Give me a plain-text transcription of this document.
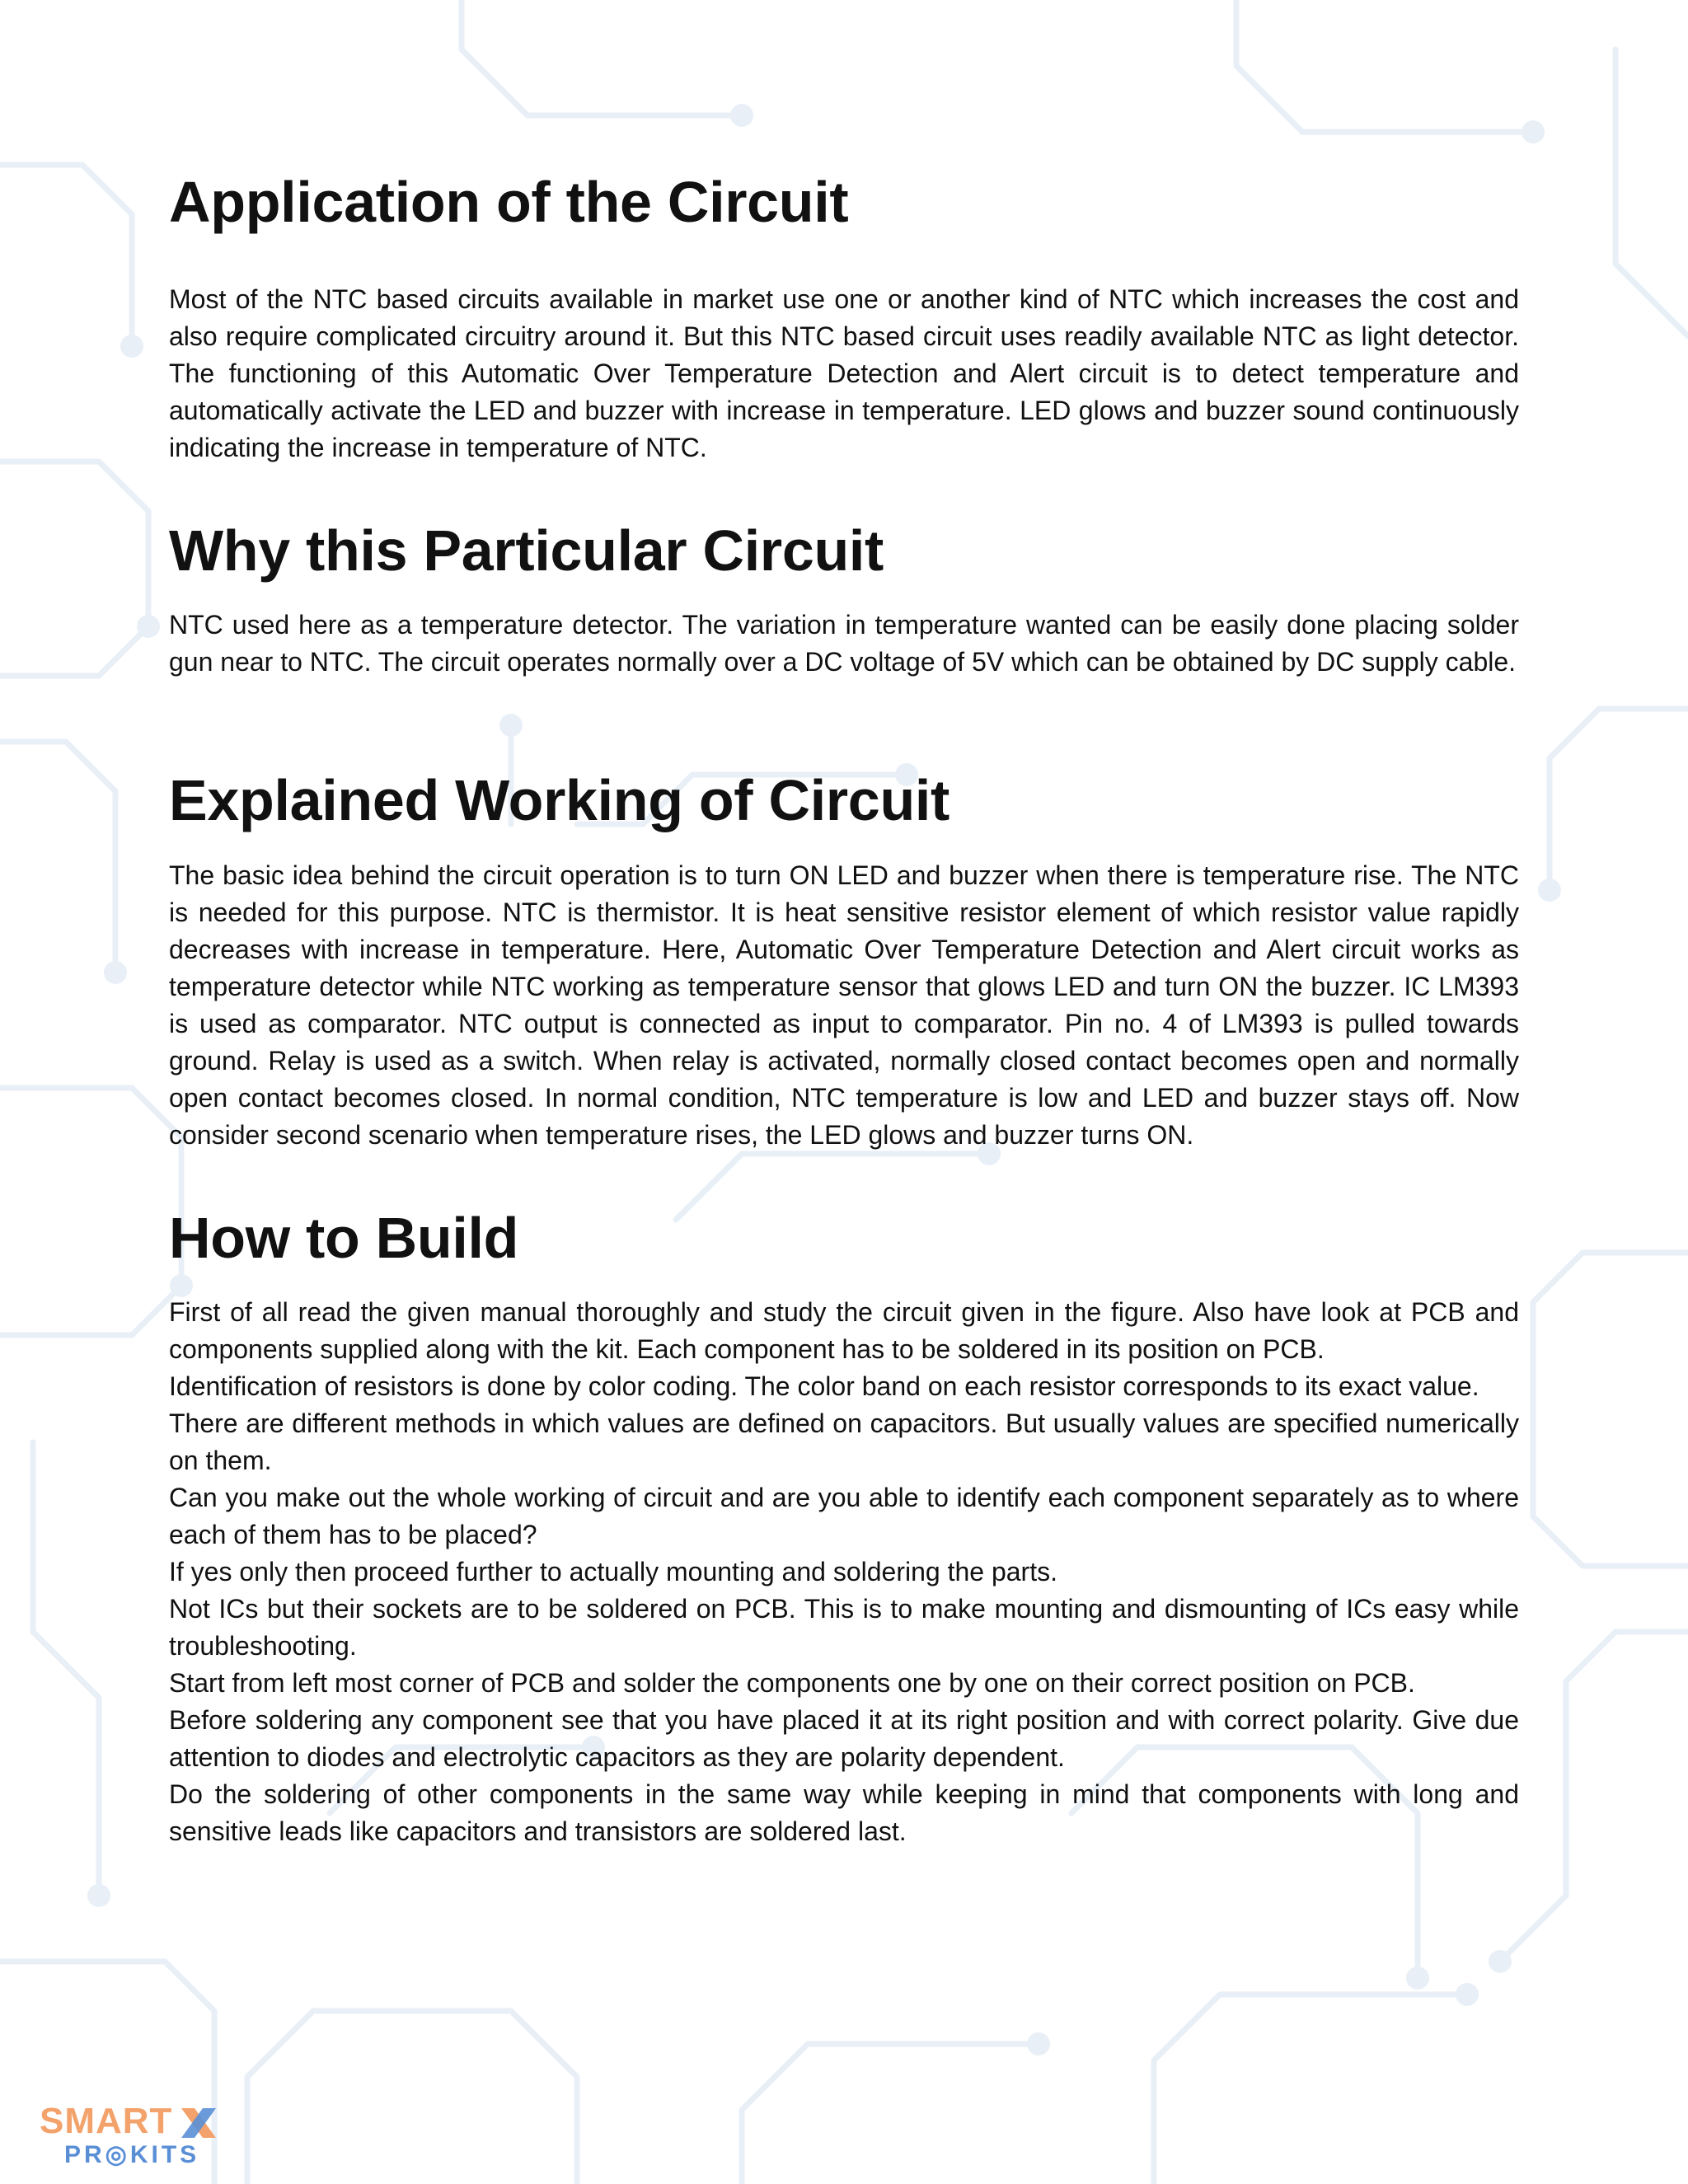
Application of the Circuit

Most of the NTC based circuits available in market use one or another kind of NTC which increases the cost and also require complicated circuitry around it. But this NTC based circuit uses readily available NTC as light detector. The functioning of this Automatic Over Temperature Detection and Alert circuit is to detect temperature and automatically activate the LED and buzzer with increase in temperature. LED glows and buzzer sound continuously indicating the increase in temperature of NTC.

Why this Particular Circuit

NTC used here as a temperature detector. The variation in temperature wanted can be easily done placing solder gun near to NTC. The circuit operates normally over a DC voltage of 5V which can be obtained by DC supply cable.

Explained Working of Circuit

The basic idea behind the circuit operation is to turn ON LED and buzzer when there is temperature rise. The NTC is needed for this purpose. NTC is thermistor. It is heat sensitive resistor element of which resistor value rapidly decreases with increase in temperature. Here, Automatic Over Temperature Detection and Alert circuit works as temperature detector while NTC working as temperature sensor that glows LED and turn ON the buzzer. IC LM393 is used as comparator. NTC output is connected as input to comparator. Pin no. 4 of LM393 is pulled towards ground. Relay is used as a switch. When relay is activated, normally closed contact becomes open and normally open contact becomes closed. In normal condition, NTC temperature is low and LED and buzzer stays off. Now consider second scenario when temperature rises, the LED glows and buzzer turns ON.

How to Build

First of all read the given manual thoroughly and study the circuit given in the figure. Also have look at PCB and components supplied along with the kit. Each component has to be soldered in its position on PCB.

Identification of resistors is done by color coding. The color band on each resistor corresponds to its exact value.

There are different methods in which values are defined on capacitors. But usually values are specified numerically on them.

Can you make out the whole working of circuit and are you able to identify each component separately as to where each of them has to be placed?

If yes only then proceed further to actually mounting and soldering the parts.

Not ICs but their sockets are to be soldered on PCB. This is to make mounting and dismounting of ICs easy while troubleshooting.

Start from left most corner of PCB and solder the components one by one on their correct position on PCB.

Before soldering any component see that you have placed it at its right position and with correct polarity. Give due attention to diodes and electrolytic capacitors as they are polarity dependent.

Do the soldering of other components in the same way while keeping in mind that components with long and sensitive leads like capacitors and transistors are soldered last.

SMART
PR◎KITS
